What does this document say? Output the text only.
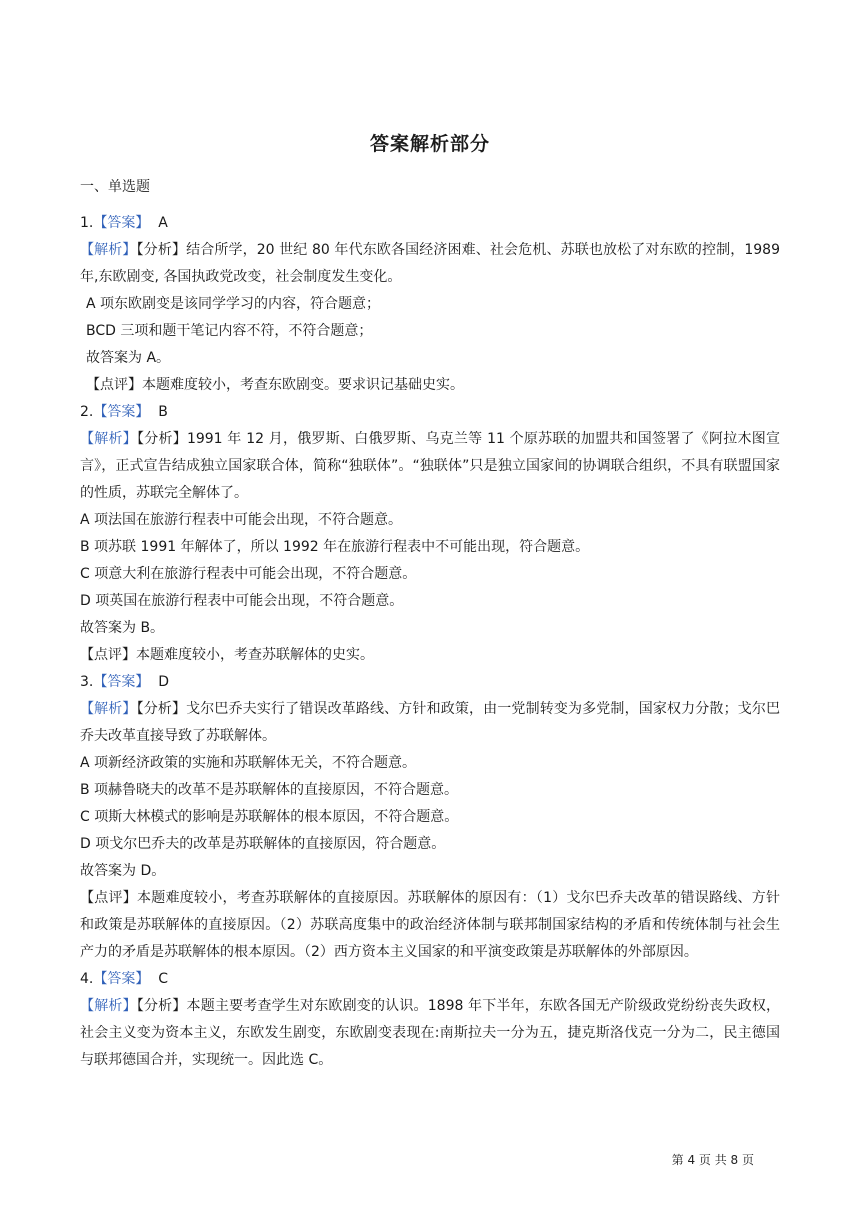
答案解析部分
一、单选题
1.【答案】 A
【解析】【分析】结合所学，20 世纪 80 年代东欧各国经济困难、社会危机、苏联也放松了对东欧的控制，1989 年,东欧剧变, 各国执政党改变，社会制度发生变化。
A 项东欧剧变是该同学学习的内容，符合题意；
BCD 三项和题干笔记内容不符，不符合题意；
故答案为 A。
【点评】本题难度较小，考查东欧剧变。要求识记基础史实。
2.【答案】 B
【解析】【分析】1991 年 12 月，俄罗斯、白俄罗斯、乌克兰等 11 个原苏联的加盟共和国签署了《阿拉木图宣言》，正式宣告结成独立国家联合体，简称“独联体”。“独联体”只是独立国家间的协调联合组织，不具有联盟国家的性质，苏联完全解体了。
A 项法国在旅游行程表中可能会出现，不符合题意。
B 项苏联 1991 年解体了，所以 1992 年在旅游行程表中不可能出现，符合题意。
C 项意大利在旅游行程表中可能会出现，不符合题意。
D 项英国在旅游行程表中可能会出现，不符合题意。
故答案为 B。
【点评】本题难度较小，考查苏联解体的史实。
3.【答案】 D
【解析】【分析】戈尔巴乔夫实行了错误改革路线、方针和政策，由一党制转变为多党制，国家权力分散；戈尔巴乔夫改革直接导致了苏联解体。
A 项新经济政策的实施和苏联解体无关，不符合题意。
B 项赫鲁晓夫的改革不是苏联解体的直接原因，不符合题意。
C 项斯大林模式的影响是苏联解体的根本原因，不符合题意。
D 项戈尔巴乔夫的改革是苏联解体的直接原因，符合题意。
故答案为 D。
【点评】本题难度较小，考查苏联解体的直接原因。苏联解体的原因有：（1）戈尔巴乔夫改革的错误路线、方针和政策是苏联解体的直接原因。（2）苏联高度集中的政治经济体制与联邦制国家结构的矛盾和传统体制与社会生产力的矛盾是苏联解体的根本原因。（2）西方资本主义国家的和平演变政策是苏联解体的外部原因。
4.【答案】 C
【解析】【分析】本题主要考查学生对东欧剧变的认识。1898 年下半年，东欧各国无产阶级政党纷纷丧失政权，社会主义变为资本主义，东欧发生剧变，东欧剧变表现在:南斯拉夫一分为五，捷克斯洛伐克一分为二，民主德国与联邦德国合并，实现统一。因此选 C。
第 4 页 共 8 页
